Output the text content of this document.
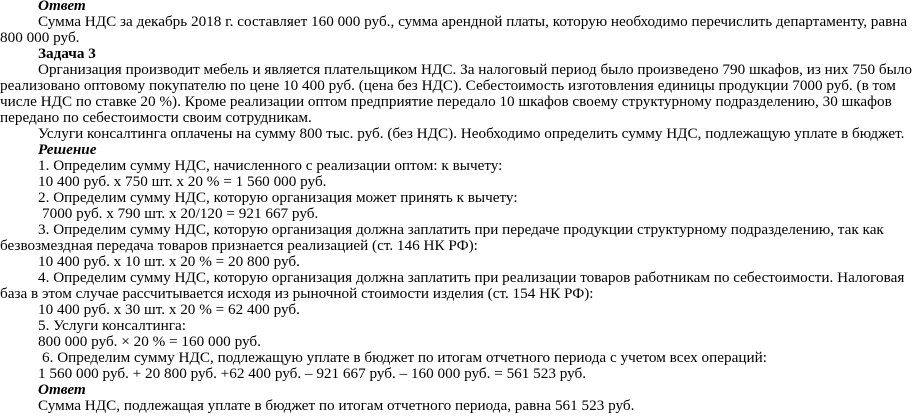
Ответ
Сумма НДС за декабрь 2018 г. составляет 160 000 руб., сумма арендной платы, которую необходимо перечислить департаменту, равна
800 000 руб.
Задача 3
Организация производит мебель и является плательщиком НДС. За налоговый период было произведено 790 шкафов, из них 750 было
реализовано оптовому покупателю по цене 10 400 руб. (цена без НДС). Себестоимость изготовления единицы продукции 7000 руб. (в том
числе НДС по ставке 20 %). Кроме реализации оптом предприятие передало 10 шкафов своему структурному подразделению, 30 шкафов
передано по себестоимости своим сотрудникам.
Услуги консалтинга оплачены на сумму 800 тыс. руб. (без НДС). Необходимо определить сумму НДС, подлежащую уплате в бюджет.
Решение
1. Определим сумму НДС, начисленного с реализации оптом: к вычету:
10 400 руб. х 750 шт. х 20 % = 1 560 000 руб.
2. Определим сумму НДС, которую организация может принять к вычету:
7000 руб. х 790 шт. х 20/120 = 921 667 руб.
3. Определим сумму НДС, которую организация должна заплатить при передаче продукции структурному подразделению, так как
безвозмездная передача товаров признается реализацией (ст. 146 НК РФ):
10 400 руб. х 10 шт. х 20 % = 20 800 руб.
4. Определим сумму НДС, которую организация должна заплатить при реализации товаров работникам по себестоимости. Налоговая
база в этом случае рассчитывается исходя из рыночной стоимости изделия (ст. 154 НК РФ):
10 400 руб. х 30 шт. х 20 % = 62 400 руб.
5. Услуги консалтинга:
800 000 руб. × 20 % = 160 000 руб.
6. Определим сумму НДС, подлежащую уплате в бюджет по итогам отчетного периода с учетом всех операций:
1 560 000 руб. + 20 800 руб. +62 400 руб. – 921 667 руб. – 160 000 руб. = 561 523 руб.
Ответ
Сумма НДС, подлежащая уплате в бюджет по итогам отчетного периода, равна 561 523 руб.
